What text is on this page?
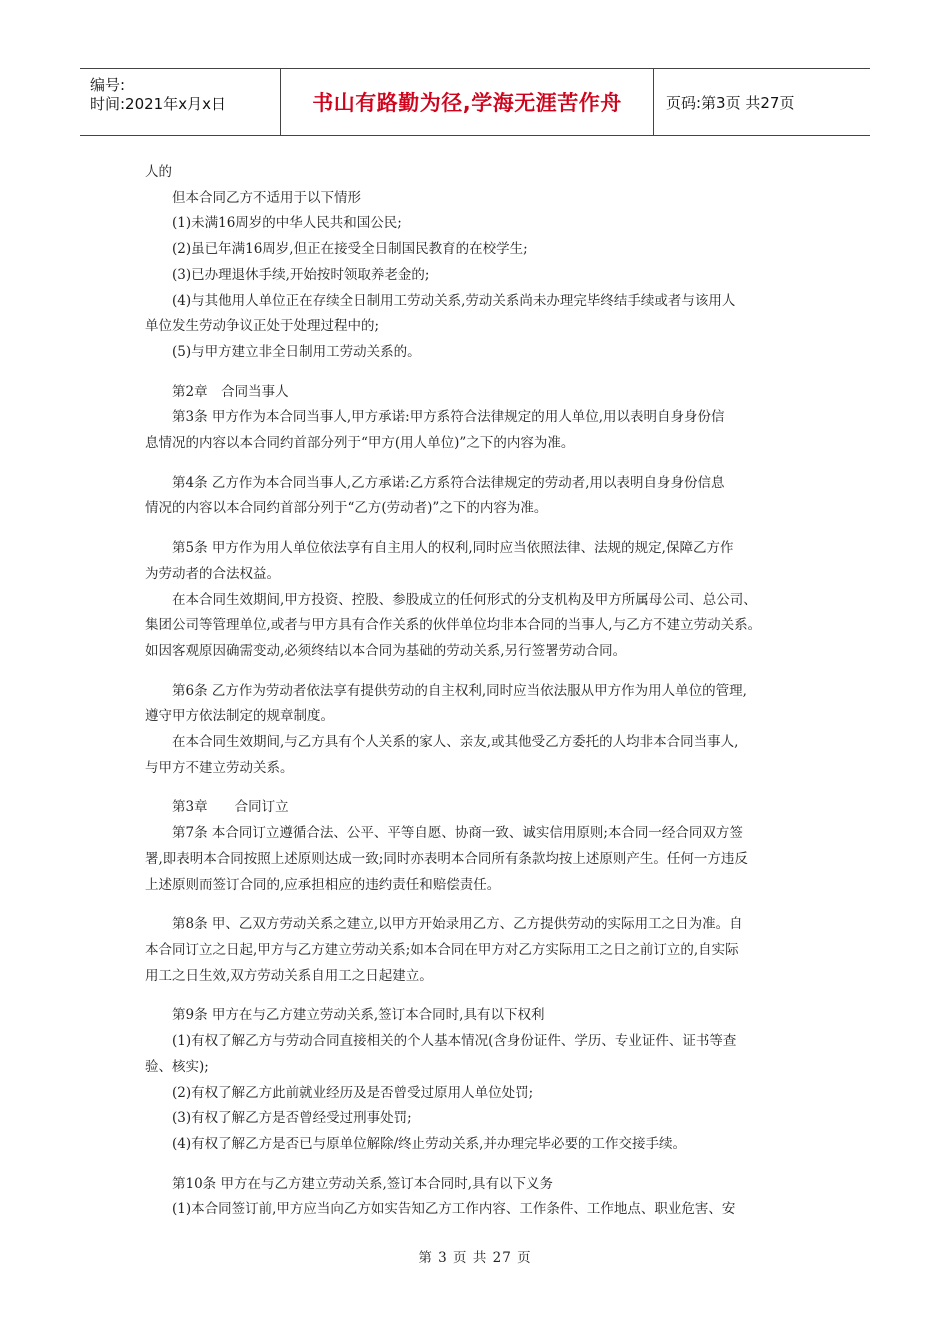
编号:
时间:2021年x月x日	书山有路勤为径,学海无涯苦作舟	页码:第3页 共27页

人的

但本合同乙方不适用于以下情形

(1)未满16周岁的中华人民共和国公民;

(2)虽已年满16周岁,但正在接受全日制国民教育的在校学生;

(3)已办理退休手续,开始按时领取养老金的;

(4)与其他用人单位正在存续全日制用工劳动关系,劳动关系尚未办理完毕终结手续或者与该用人

单位发生劳动争议正处于处理过程中的;

(5)与甲方建立非全日制用工劳动关系的。

第2章　合同当事人

第3条 甲方作为本合同当事人,甲方承诺:甲方系符合法律规定的用人单位,用以表明自身身份信

息情况的内容以本合同约首部分列于“甲方(用人单位)”之下的内容为准。

第4条 乙方作为本合同当事人,乙方承诺:乙方系符合法律规定的劳动者,用以表明自身身份信息

情况的内容以本合同约首部分列于“乙方(劳动者)”之下的内容为准。

第5条 甲方作为用人单位依法享有自主用人的权利,同时应当依照法律、法规的规定,保障乙方作

为劳动者的合法权益。

在本合同生效期间,甲方投资、控股、参股成立的任何形式的分支机构及甲方所属母公司、总公司、

集团公司等管理单位,或者与甲方具有合作关系的伙伴单位均非本合同的当事人,与乙方不建立劳动关系。

如因客观原因确需变动,必须终结以本合同为基础的劳动关系,另行签署劳动合同。

第6条 乙方作为劳动者依法享有提供劳动的自主权利,同时应当依法服从甲方作为用人单位的管理,

遵守甲方依法制定的规章制度。

在本合同生效期间,与乙方具有个人关系的家人、亲友,或其他受乙方委托的人均非本合同当事人,

与甲方不建立劳动关系。

第3章　　合同订立

第7条 本合同订立遵循合法、公平、平等自愿、协商一致、诚实信用原则;本合同一经合同双方签

署,即表明本合同按照上述原则达成一致;同时亦表明本合同所有条款均按上述原则产生。任何一方违反

上述原则而签订合同的,应承担相应的违约责任和赔偿责任。

第8条 甲、乙双方劳动关系之建立,以甲方开始录用乙方、乙方提供劳动的实际用工之日为准。自

本合同订立之日起,甲方与乙方建立劳动关系;如本合同在甲方对乙方实际用工之日之前订立的,自实际

用工之日生效,双方劳动关系自用工之日起建立。

第9条 甲方在与乙方建立劳动关系,签订本合同时,具有以下权利

(1)有权了解乙方与劳动合同直接相关的个人基本情况(含身份证件、学历、专业证件、证书等查

验、核实);

(2)有权了解乙方此前就业经历及是否曾受过原用人单位处罚;

(3)有权了解乙方是否曾经受过刑事处罚;

(4)有权了解乙方是否已与原单位解除/终止劳动关系,并办理完毕必要的工作交接手续。

第10条 甲方在与乙方建立劳动关系,签订本合同时,具有以下义务

(1)本合同签订前,甲方应当向乙方如实告知乙方工作内容、工作条件、工作地点、职业危害、安

第 3 页 共 27 页
